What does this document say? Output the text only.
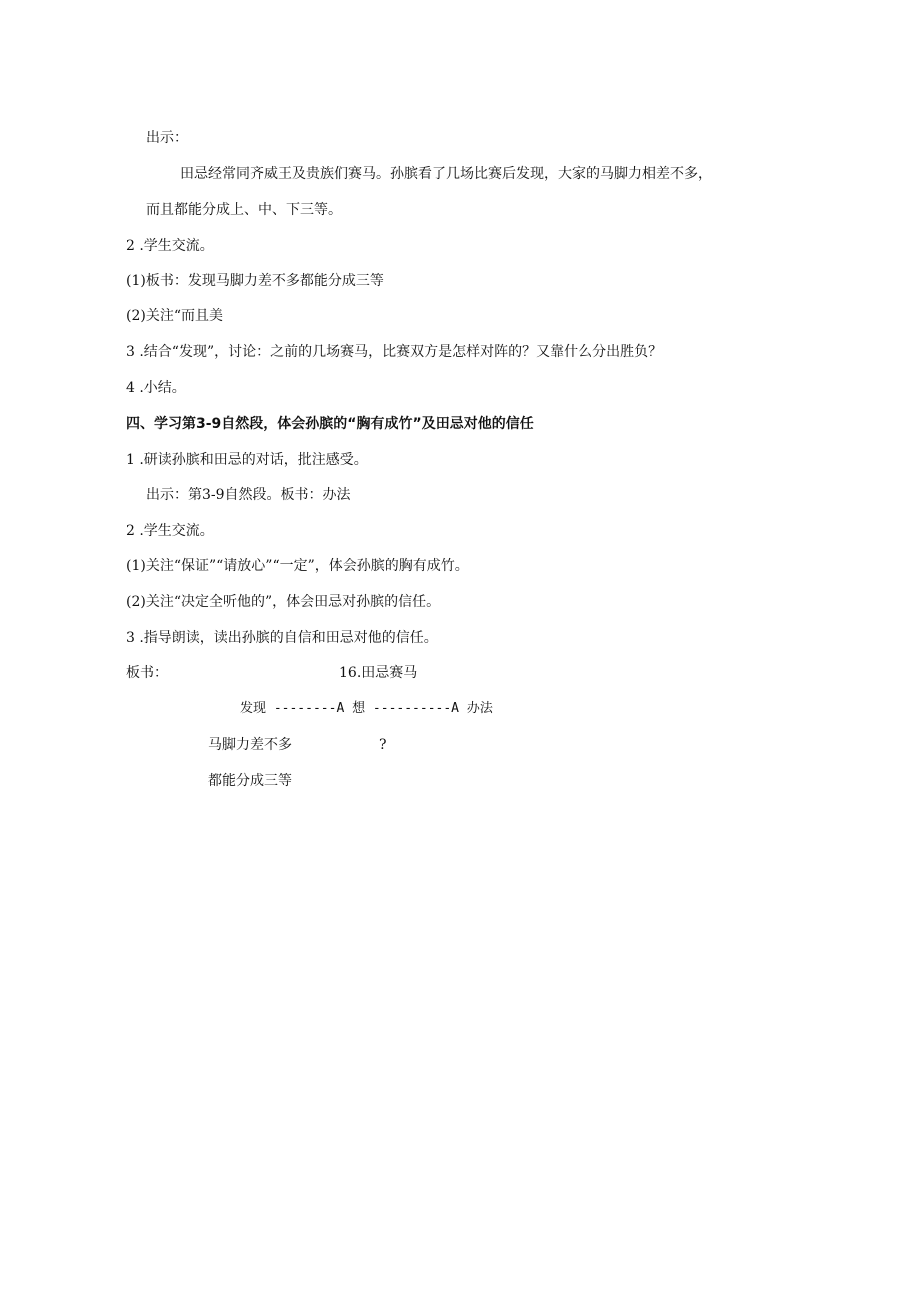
出示：
田忌经常同齐威王及贵族们赛马。孙膑看了几场比赛后发现，大家的马脚力相差不多，
而且都能分成上、中、下三等。
2 .学生交流。
(1)板书：发现马脚力差不多都能分成三等
(2)关注“而且美
3 .结合“发现”，讨论：之前的几场赛马，比赛双方是怎样对阵的？又靠什么分出胜负？
4 .小结。
四、学习第3-9自然段，体会孙膑的“胸有成竹”及田忌对他的信任
1 .研读孙膑和田忌的对话，批注感受。
出示：第3-9自然段。板书：办法
2 .学生交流。
(1)关注“保证”“请放心”“一定”，体会孙膑的胸有成竹。
(2)关注“决定全听他的”，体会田忌对孙膑的信任。
3 .指导朗读，读出孙膑的自信和田忌对他的信任。
板书：	16.田忌赛马
发现 --------A 想 ----------A 办法
马脚力差不多	?
都能分成三等
